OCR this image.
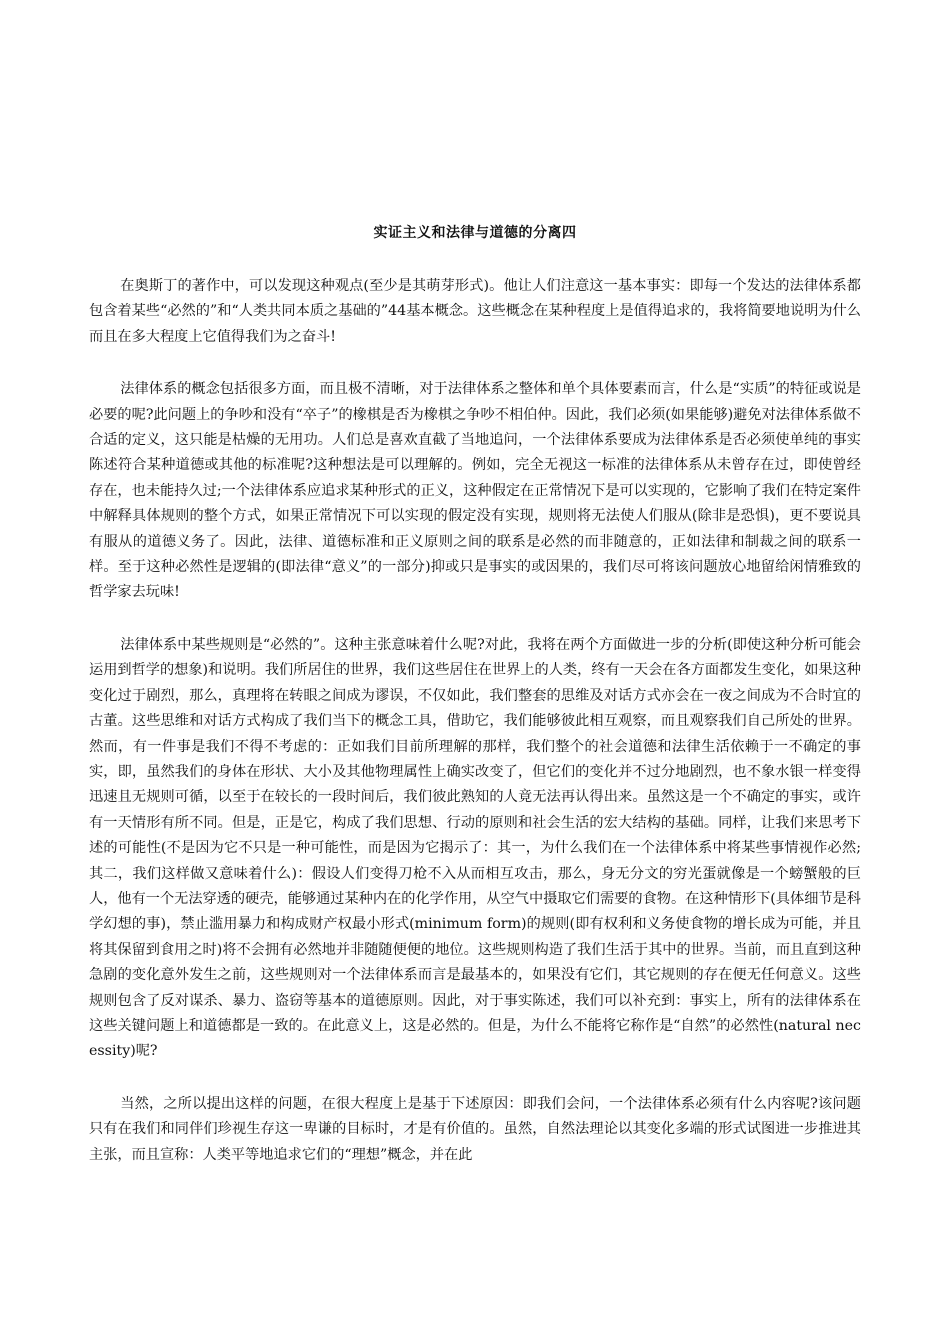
实证主义和法律与道德的分离四

在奥斯丁的著作中，可以发现这种观点(至少是其萌芽形式)。他让人们注意这一基本事实：即每一个发达的法律体系都包含着某些“必然的”和“人类共同本质之基础的”44基本概念。这些概念在某种程度上是值得追求的，我将简要地说明为什么而且在多大程度上它值得我们为之奋斗!

法律体系的概念包括很多方面，而且极不清晰，对于法律体系之整体和单个具体要素而言，什么是“实质”的特征或说是必要的呢?此问题上的争吵和没有“卒子”的橡棋是否为橡棋之争吵不相伯仲。因此，我们必须(如果能够)避免对法律体系做不合适的定义，这只能是枯燥的无用功。人们总是喜欢直截了当地追问，一个法律体系要成为法律体系是否必须使单纯的事实陈述符合某种道德或其他的标准呢?这种想法是可以理解的。例如，完全无视这一标准的法律体系从未曾存在过，即使曾经存在，也未能持久过;一个法律体系应追求某种形式的正义，这种假定在正常情况下是可以实现的，它影响了我们在特定案件中解释具体规则的整个方式，如果正常情况下可以实现的假定没有实现，规则将无法使人们服从(除非是恐惧)，更不要说具有服从的道德义务了。因此，法律、道德标准和正义原则之间的联系是必然的而非随意的，正如法律和制裁之间的联系一样。至于这种必然性是逻辑的(即法律“意义”的一部分)抑或只是事实的或因果的，我们尽可将该问题放心地留给闲情雅致的哲学家去玩味!

法律体系中某些规则是“必然的”。这种主张意味着什么呢?对此，我将在两个方面做进一步的分析(即使这种分析可能会运用到哲学的想象)和说明。我们所居住的世界，我们这些居住在世界上的人类，终有一天会在各方面都发生变化，如果这种变化过于剧烈，那么，真理将在转眼之间成为谬误，不仅如此，我们整套的思维及对话方式亦会在一夜之间成为不合时宜的古董。这些思维和对话方式构成了我们当下的概念工具，借助它，我们能够彼此相互观察，而且观察我们自己所处的世界。然而，有一件事是我们不得不考虑的：正如我们目前所理解的那样，我们整个的社会道德和法律生活依赖于一不确定的事实，即，虽然我们的身体在形状、大小及其他物理属性上确实改变了，但它们的变化并不过分地剧烈，也不象水银一样变得迅速且无规则可循，以至于在较长的一段时间后，我们彼此熟知的人竟无法再认得出来。虽然这是一个不确定的事实，或许有一天情形有所不同。但是，正是它，构成了我们思想、行动的原则和社会生活的宏大结构的基础。同样，让我们来思考下述的可能性(不是因为它不只是一种可能性，而是因为它揭示了：其一，为什么我们在一个法律体系中将某些事情视作必然;其二，我们这样做又意味着什么)：假设人们变得刀枪不入从而相互攻击，那么，身无分文的穷光蛋就像是一个螃蟹般的巨人，他有一个无法穿透的硬壳，能够通过某种内在的化学作用，从空气中摄取它们需要的食物。在这种情形下(具体细节是科学幻想的事)，禁止滥用暴力和构成财产权最小形式(minimum form)的规则(即有权利和义务使食物的增长成为可能，并且将其保留到食用之时)将不会拥有必然地并非随随便便的地位。这些规则构造了我们生活于其中的世界。当前，而且直到这种急剧的变化意外发生之前，这些规则对一个法律体系而言是最基本的，如果没有它们，其它规则的存在便无任何意义。这些规则包含了反对谋杀、暴力、盗窃等基本的道德原则。因此，对于事实陈述，我们可以补充到：事实上，所有的法律体系在这些关键问题上和道德都是一致的。在此意义上，这是必然的。但是，为什么不能将它称作是“自然”的必然性(natural necessity)呢?

当然，之所以提出这样的问题，在很大程度上是基于下述原因：即我们会问，一个法律体系必须有什么内容呢?该问题只有在我们和同伴们珍视生存这一卑谦的目标时，才是有价值的。虽然，自然法理论以其变化多端的形式试图进一步推进其主张，而且宣称：人类平等地追求它们的“理想”概念，并在此
